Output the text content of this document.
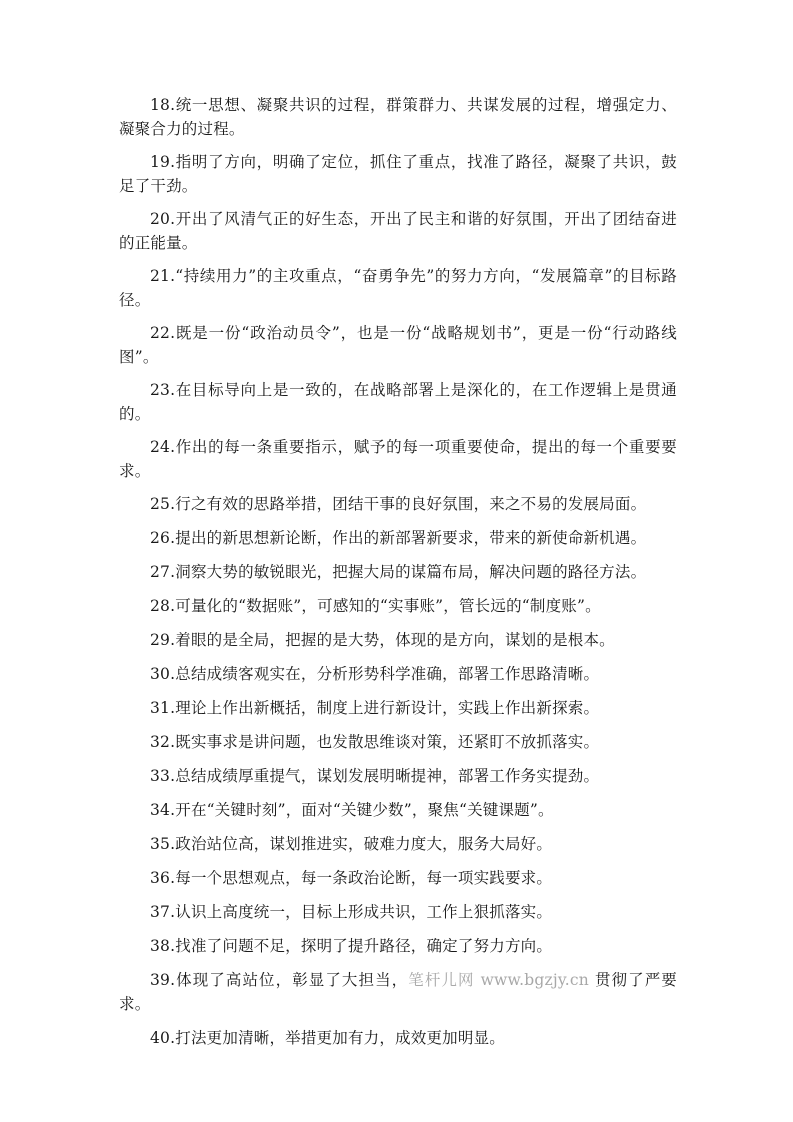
18.统一思想、凝聚共识的过程，群策群力、共谋发展的过程，增强定力、凝聚合力的过程。

19.指明了方向，明确了定位，抓住了重点，找准了路径，凝聚了共识，鼓足了干劲。

20.开出了风清气正的好生态，开出了民主和谐的好氛围，开出了团结奋进的正能量。

21.“持续用力”的主攻重点，“奋勇争先”的努力方向，“发展篇章”的目标路径。

22.既是一份“政治动员令”，也是一份“战略规划书”，更是一份“行动路线图”。

23.在目标导向上是一致的，在战略部署上是深化的，在工作逻辑上是贯通的。

24.作出的每一条重要指示，赋予的每一项重要使命，提出的每一个重要要求。

25.行之有效的思路举措，团结干事的良好氛围，来之不易的发展局面。

26.提出的新思想新论断，作出的新部署新要求，带来的新使命新机遇。

27.洞察大势的敏锐眼光，把握大局的谋篇布局，解决问题的路径方法。

28.可量化的“数据账”，可感知的“实事账”，管长远的“制度账”。

29.着眼的是全局，把握的是大势，体现的是方向，谋划的是根本。

30.总结成绩客观实在，分析形势科学准确，部署工作思路清晰。

31.理论上作出新概括，制度上进行新设计，实践上作出新探索。

32.既实事求是讲问题，也发散思维谈对策，还紧盯不放抓落实。

33.总结成绩厚重提气，谋划发展明晰提神，部署工作务实提劲。

34.开在“关键时刻”，面对“关键少数”，聚焦“关键课题”。

35.政治站位高，谋划推进实，破难力度大，服务大局好。

36.每一个思想观点，每一条政治论断，每一项实践要求。

37.认识上高度统一，目标上形成共识，工作上狠抓落实。

38.找准了问题不足，探明了提升路径，确定了努力方向。

39.体现了高站位，彰显了大担当，笔杆儿网 www.bgzjy.cn 贯彻了严要求。

40.打法更加清晰，举措更加有力，成效更加明显。
